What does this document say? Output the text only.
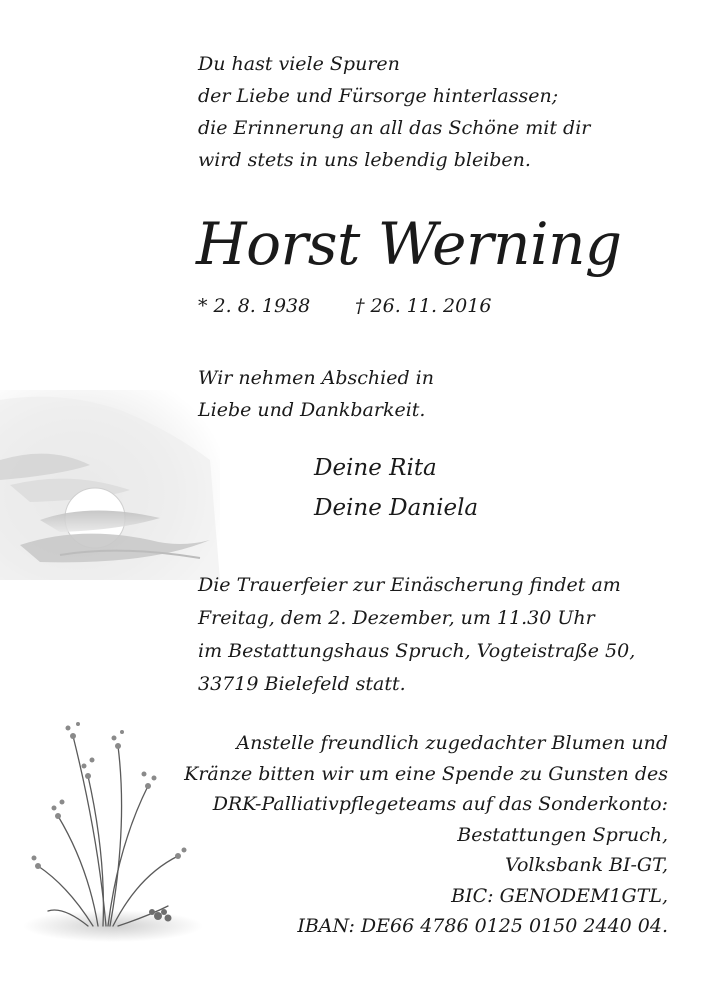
Du hast viele Spuren
der Liebe und Fürsorge hinterlassen;
die Erinnerung an all das Schöne mit dir
wird stets in uns lebendig bleiben.
Horst Werning
* 2. 8. 1938 † 26. 11. 2016
Wir nehmen Abschied in
Liebe und Dankbarkeit.
Deine Rita
Deine Daniela
Die Trauerfeier zur Einäscherung findet am
Freitag, dem 2. Dezember, um 11.30 Uhr
im Bestattungshaus Spruch, Vogteistraße 50,
33719 Bielefeld statt.
Anstelle freundlich zugedachter Blumen und
Kränze bitten wir um eine Spende zu Gunsten des
DRK-Palliativpflegeteams auf das Sonderkonto:
Bestattungen Spruch,
Volksbank BI-GT,
BIC: GENODEM1GTL,
IBAN: DE66 4786 0125 0150 2440 04.
